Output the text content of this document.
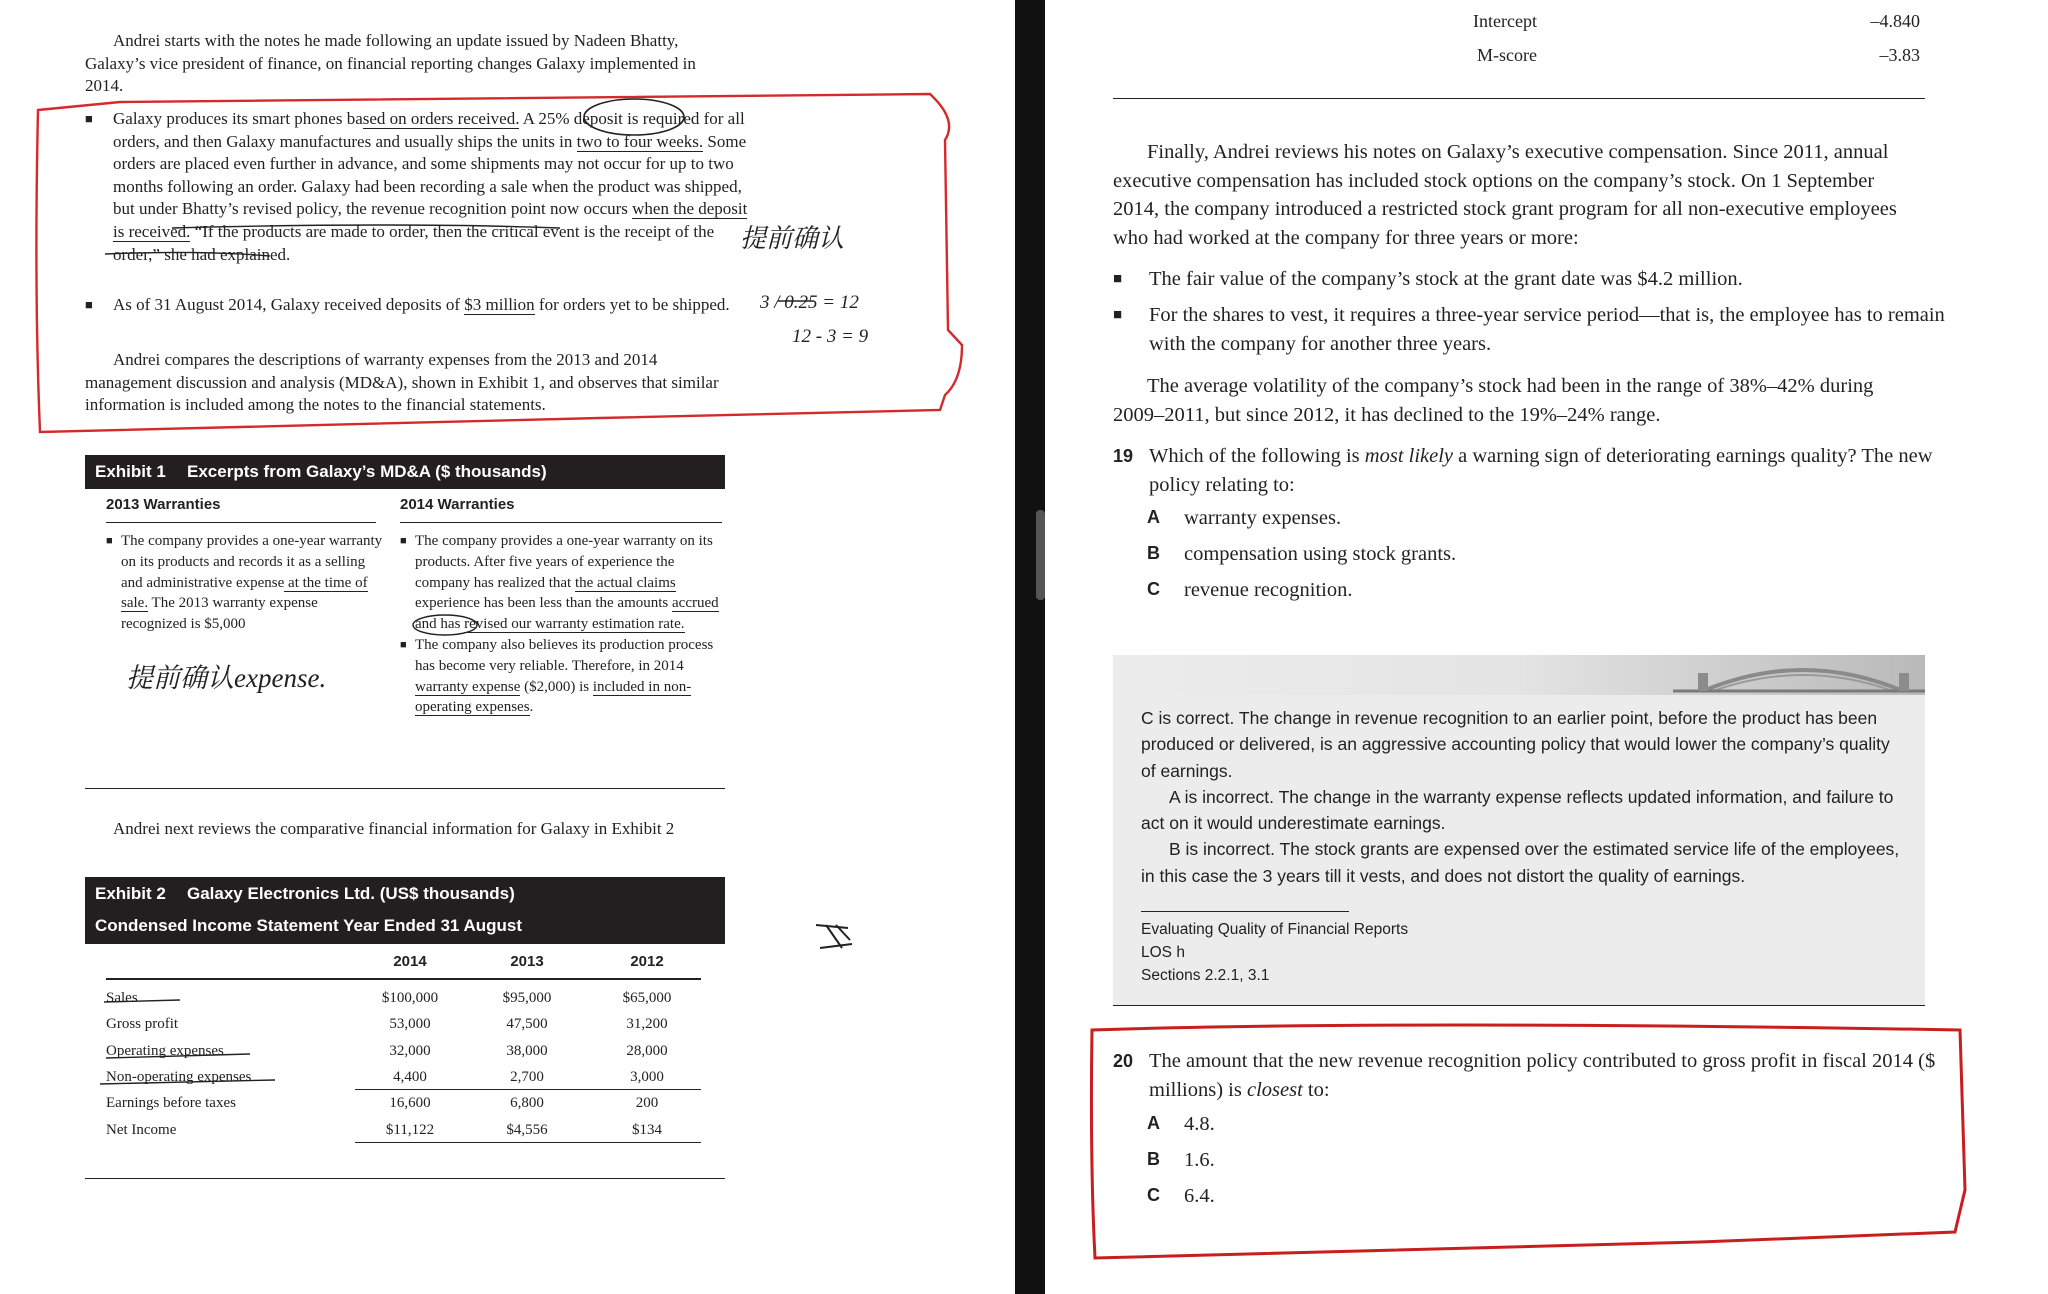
Andrei starts with the notes he made following an update issued by Nadeen Bhatty, Galaxy’s vice president of finance, on financial reporting changes Galaxy implemented in 2014.

■ Galaxy produces its smart phones based on orders received. A 25% deposit is required for all orders, and then Galaxy manufactures and usually ships the units in two to four weeks. Some orders are placed even further in advance, and some shipments may not occur for up to two months following an order. Galaxy had been recording a sale when the product was shipped, but under Bhatty’s revised policy, the revenue recognition point now occurs when the deposit is received. “If the products are made to order, then the critical event is the receipt of the order,” she had explained.

■ As of 31 August 2014, Galaxy received deposits of $3 million for orders yet to be shipped.

Andrei compares the descriptions of warranty expenses from the 2013 and 2014 management discussion and analysis (MD&A), shown in Exhibit 1, and observes that similar information is included among the notes to the financial statements.

Exhibit 1 Excerpts from Galaxy’s MD&A ($ thousands)
2013 Warranties	2014 Warranties

■ The company provides a one-year warranty on its products and records it as a selling and administrative expense at the time of sale. The 2013 warranty expense recognized is $5,000

■ The company provides a one-year warranty on its products. After five years of experience the company has realized that the actual claims experience has been less than the amounts accrued and has revised our warranty estimation rate.

■ The company also believes its production process has become very reliable. Therefore, in 2014 warranty expense ($2,000) is included in non-operating expenses.

Andrei next reviews the comparative financial information for Galaxy in Exhibit 2

Exhibit 2 Galaxy Electronics Ltd. (US$ thousands)
Condensed Income Statement Year Ended 31 August
2014	2013	2012
Sales	$100,000	$95,000	$65,000
Gross profit	53,000	47,500	31,200
Operating expenses	32,000	38,000	28,000
Non-operating expenses	4,400	2,700	3,000
Earnings before taxes	16,600	6,800	200
Net Income	$11,122	$4,556	$134
提前确认
3 / 0.25 = 12
12 - 3 = 9
提前确认expense.
Intercept	–4.840
M-score	–3.83

Finally, Andrei reviews his notes on Galaxy’s executive compensation. Since 2011, annual executive compensation has included stock options on the company’s stock. On 1 September 2014, the company introduced a restricted stock grant program for all non-executive employees who had worked at the company for three years or more:

■ The fair value of the company’s stock at the grant date was $4.2 million.

■ For the shares to vest, it requires a three-year service period—that is, the employee has to remain with the company for another three years.

The average volatility of the company’s stock had been in the range of 38%–42% during 2009–2011, but since 2012, it has declined to the 19%–24% range.

19 Which of the following is most likely a warning sign of deteriorating earnings quality? The new policy relating to:

A warranty expenses.
B compensation using stock grants.
C revenue recognition.

C is correct. The change in revenue recognition to an earlier point, before the product has been produced or delivered, is an aggressive accounting policy that would lower the company’s quality of earnings.

A is incorrect. The change in the warranty expense reflects updated information, and failure to act on it would underestimate earnings.

B is incorrect. The stock grants are expensed over the estimated service life of the employees, in this case the 3 years till it vests, and does not distort the quality of earnings.

Evaluating Quality of Financial Reports
LOS h
Sections 2.2.1, 3.1

20 The amount that the new revenue recognition policy contributed to gross profit in fiscal 2014 ($ millions) is closest to:

A 4.8.
B 1.6.
C 6.4.
